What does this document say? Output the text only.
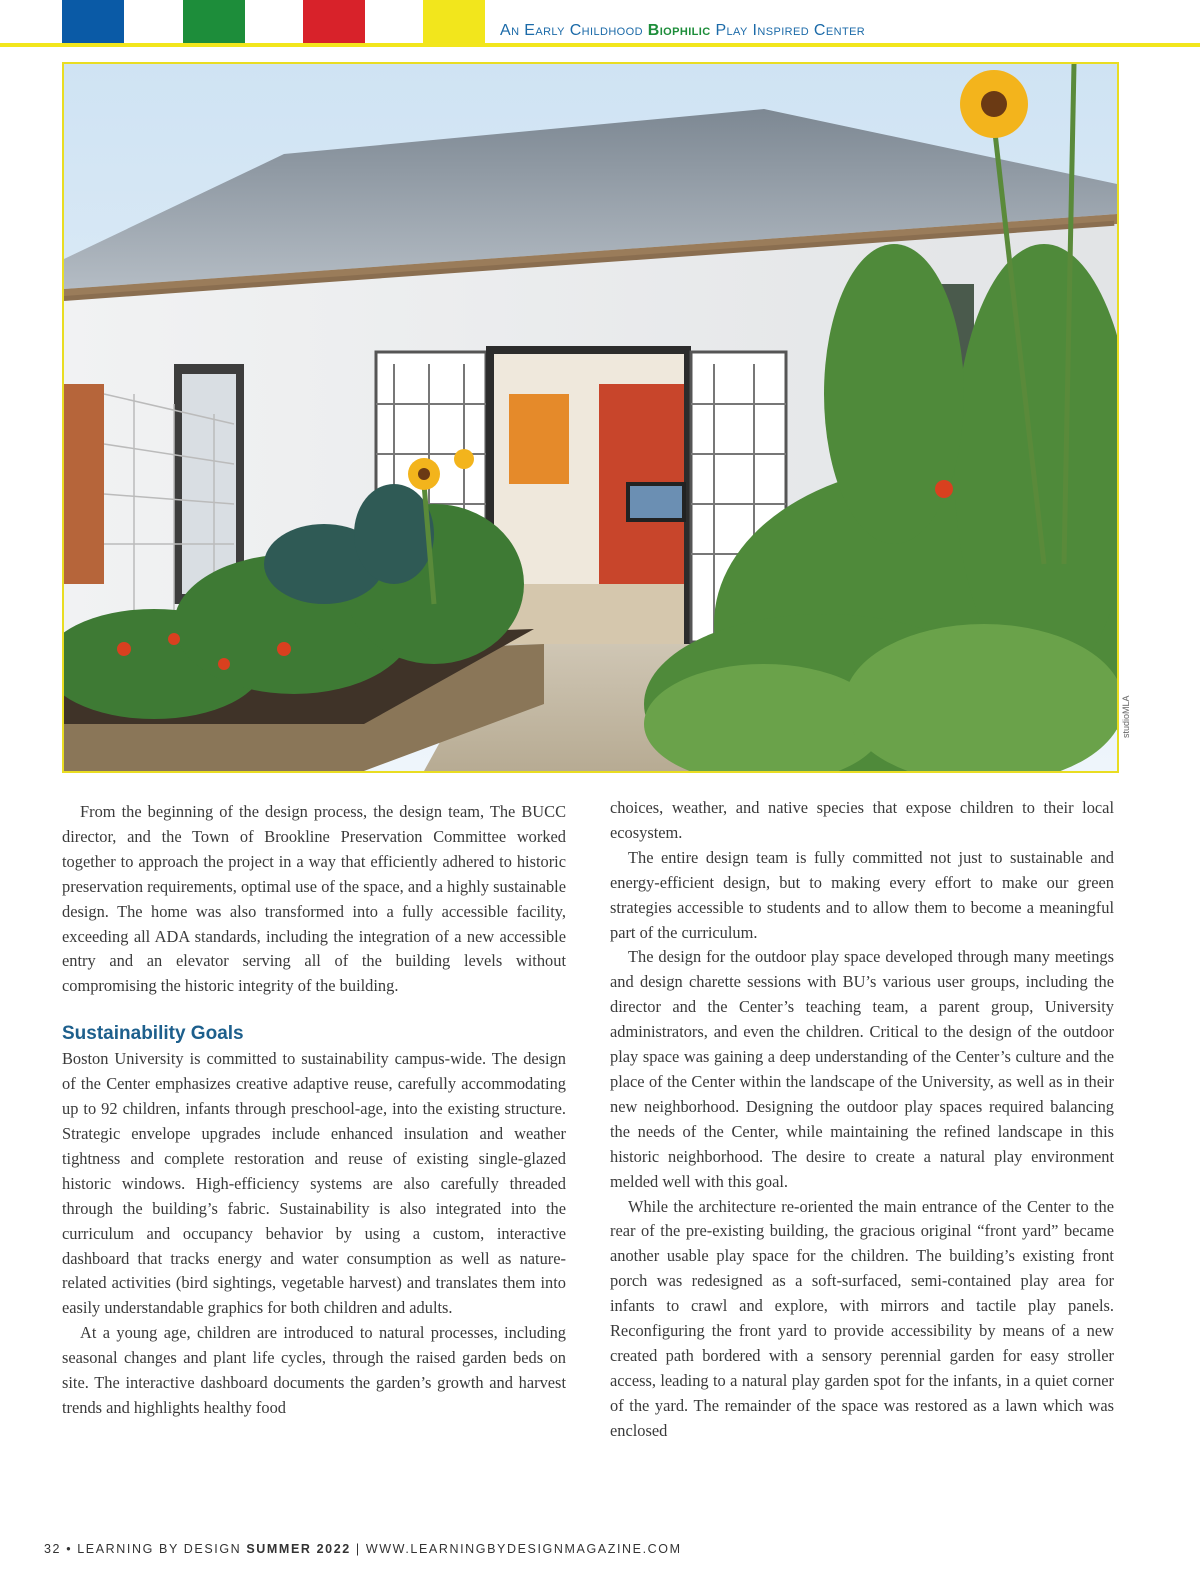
An Early Childhood Biophilic Play Inspired Center
studioMLA

From the beginning of the design process, the design team, The BUCC director, and the Town of Brookline Preservation Committee worked together to approach the project in a way that efficiently adhered to historic preservation requirements, optimal use of the space, and a highly sustainable design. The home was also transformed into a fully accessible facility, exceeding all ADA standards, including the integration of a new accessible entry and an elevator serving all of the building levels without compromising the historic integrity of the building.

Sustainability Goals

Boston University is committed to sustainability campus-wide. The design of the Center emphasizes creative adaptive reuse, carefully accommodating up to 92 children, infants through preschool-age, into the existing structure. Strategic envelope upgrades include enhanced insulation and weather tightness and complete restoration and reuse of existing single-glazed historic windows. High-efficiency systems are also carefully threaded through the building’s fabric. Sustainability is also integrated into the curriculum and occupancy behavior by using a custom, interactive dashboard that tracks energy and water consumption as well as nature-related activities (bird sightings, vegetable harvest) and translates them into easily understandable graphics for both children and adults.

At a young age, children are introduced to natural processes, including seasonal changes and plant life cycles, through the raised garden beds on site. The interactive dashboard documents the garden’s growth and harvest trends and highlights healthy food

choices, weather, and native species that expose children to their local ecosystem.

The entire design team is fully committed not just to sustainable and energy-efficient design, but to making every effort to make our green strategies accessible to students and to allow them to become a meaningful part of the curriculum.

The design for the outdoor play space developed through many meetings and design charette sessions with BU’s various user groups, including the director and the Center’s teaching team, a parent group, University administrators, and even the children. Critical to the design of the outdoor play space was gaining a deep understanding of the Center’s culture and the place of the Center within the landscape of the University, as well as in their new neighborhood. Designing the outdoor play spaces required balancing the needs of the Center, while maintaining the refined landscape in this historic neighborhood. The desire to create a natural play environment melded well with this goal.

While the architecture re-oriented the main entrance of the Center to the rear of the pre-existing building, the gracious original “front yard” became another usable play space for the children. The building’s existing front porch was redesigned as a soft-surfaced, semi-contained play area for infants to crawl and explore, with mirrors and tactile play panels. Reconfiguring the front yard to provide accessibility by means of a new created path bordered with a sensory perennial garden for easy stroller access, leading to a natural play garden spot for the infants, in a quiet corner of the yard. The remainder of the space was restored as a lawn which was enclosed

32 • LEARNING BY DESIGN SUMMER 2022 | WWW.LEARNINGBYDESIGNMAGAZINE.COM
